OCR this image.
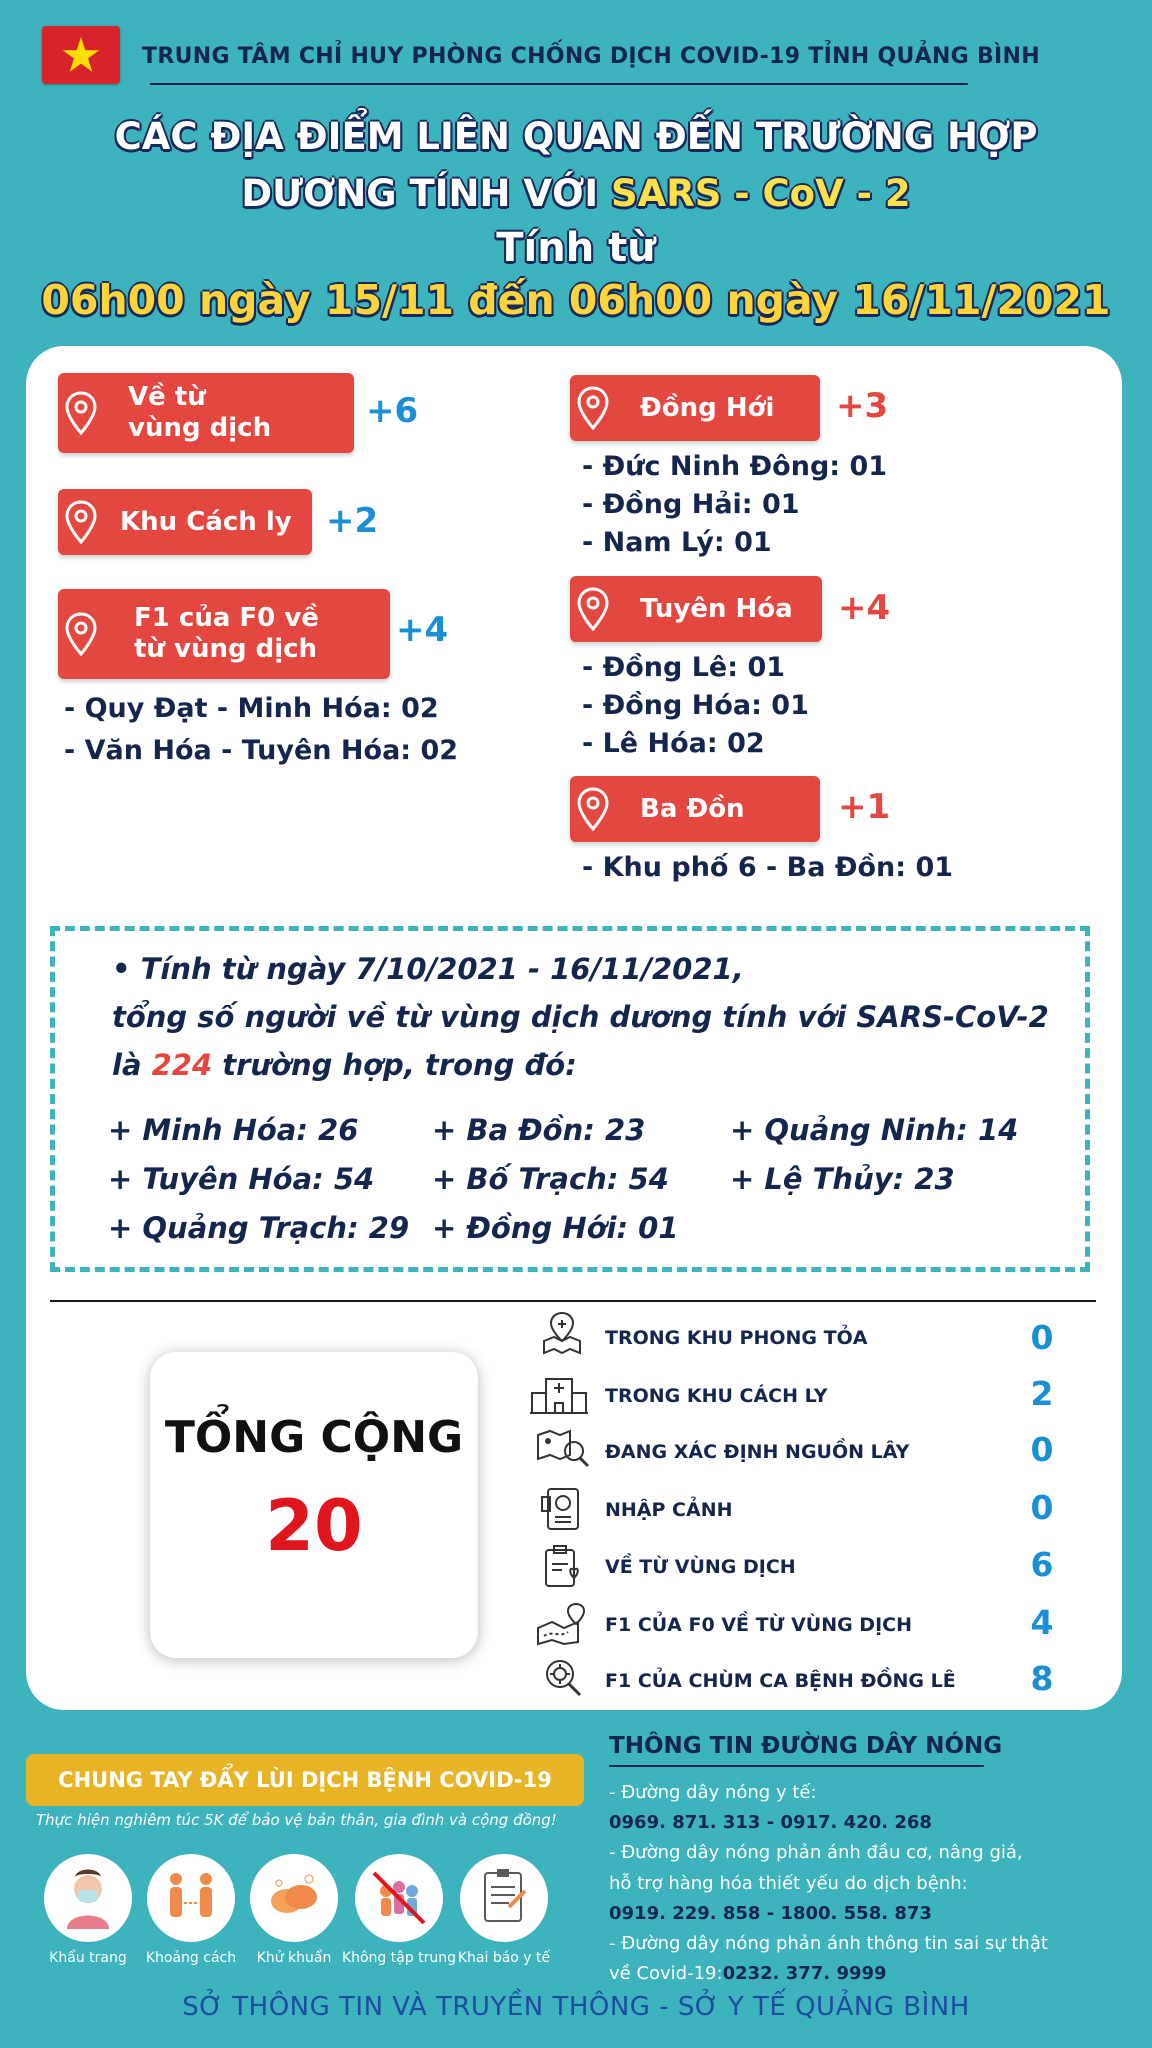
TRUNG TÂM CHỈ HUY PHÒNG CHỐNG DỊCH COVID-19 TỈNH QUẢNG BÌNH
CÁC ĐỊA ĐIỂM LIÊN QUAN ĐẾN TRƯỜNG HỢP
DƯƠNG TÍNH VỚI SARS - CoV - 2
Tính từ
06h00 ngày 15/11 đến 06h00 ngày 16/11/2021
Về từ
vùng dịch	+6
Khu Cách ly +2
F1 của F0 về
từ vùng dịch +4
- Quy Đạt - Minh Hóa: 02
- Văn Hóa - Tuyên Hóa: 02
Đồng Hới +3
- Đức Ninh Đông: 01
- Đồng Hải: 01
- Nam Lý: 01
Tuyên Hóa +4
- Đồng Lê: 01
- Đồng Hóa: 01
- Lê Hóa: 02
Ba Đồn	+1
- Khu phố 6 - Ba Đồn: 01
• Tính từ ngày 7/10/2021 - 16/11/2021,
tổng số người về từ vùng dịch dương tính với SARS-CoV-2
là 224 trường hợp, trong đó:
+ Minh Hóa: 26	+ Ba Đồn: 23	+ Quảng Ninh: 14
+ Tuyên Hóa: 54 + Bố Trạch: 54 + Lệ Thủy: 23
+ Quảng Trạch: 29 + Đồng Hới: 01
TỔNG CỘNG
20
TRONG KHU PHONG TỎA	0
TRONG KHU CÁCH LY	2
ĐANG XÁC ĐỊNH NGUỒN LÂY	0
NHẬP CẢNH	0
VỀ TỪ VÙNG DỊCH	6
F1 CỦA F0 VỀ TỪ VÙNG DỊCH	4
F1 CỦA CHÙM CA BỆNH ĐỒNG LÊ 8
CHUNG TAY ĐẨY LÙI DỊCH BỆNH COVID-19
Thực hiện nghiêm túc 5K để bảo vệ bản thân, gia đình và cộng đồng!
Khẩu trang	Khoảng cách	Khử khuẩn Không tập trung Khai báo y tế
THÔNG TIN ĐƯỜNG DÂY NÓNG
- Đường dây nóng y tế:
0969. 871. 313 - 0917. 420. 268
- Đường dây nóng phản ánh đầu cơ, nâng giá,
hỗ trợ hàng hóa thiết yếu do dịch bệnh:
0919. 229. 858 - 1800. 558. 873
- Đường dây nóng phản ánh thông tin sai sự thật
về Covid-19:0232. 377. 9999
SỞ THÔNG TIN VÀ TRUYỀN THÔNG - SỞ Y TẾ QUẢNG BÌNH
